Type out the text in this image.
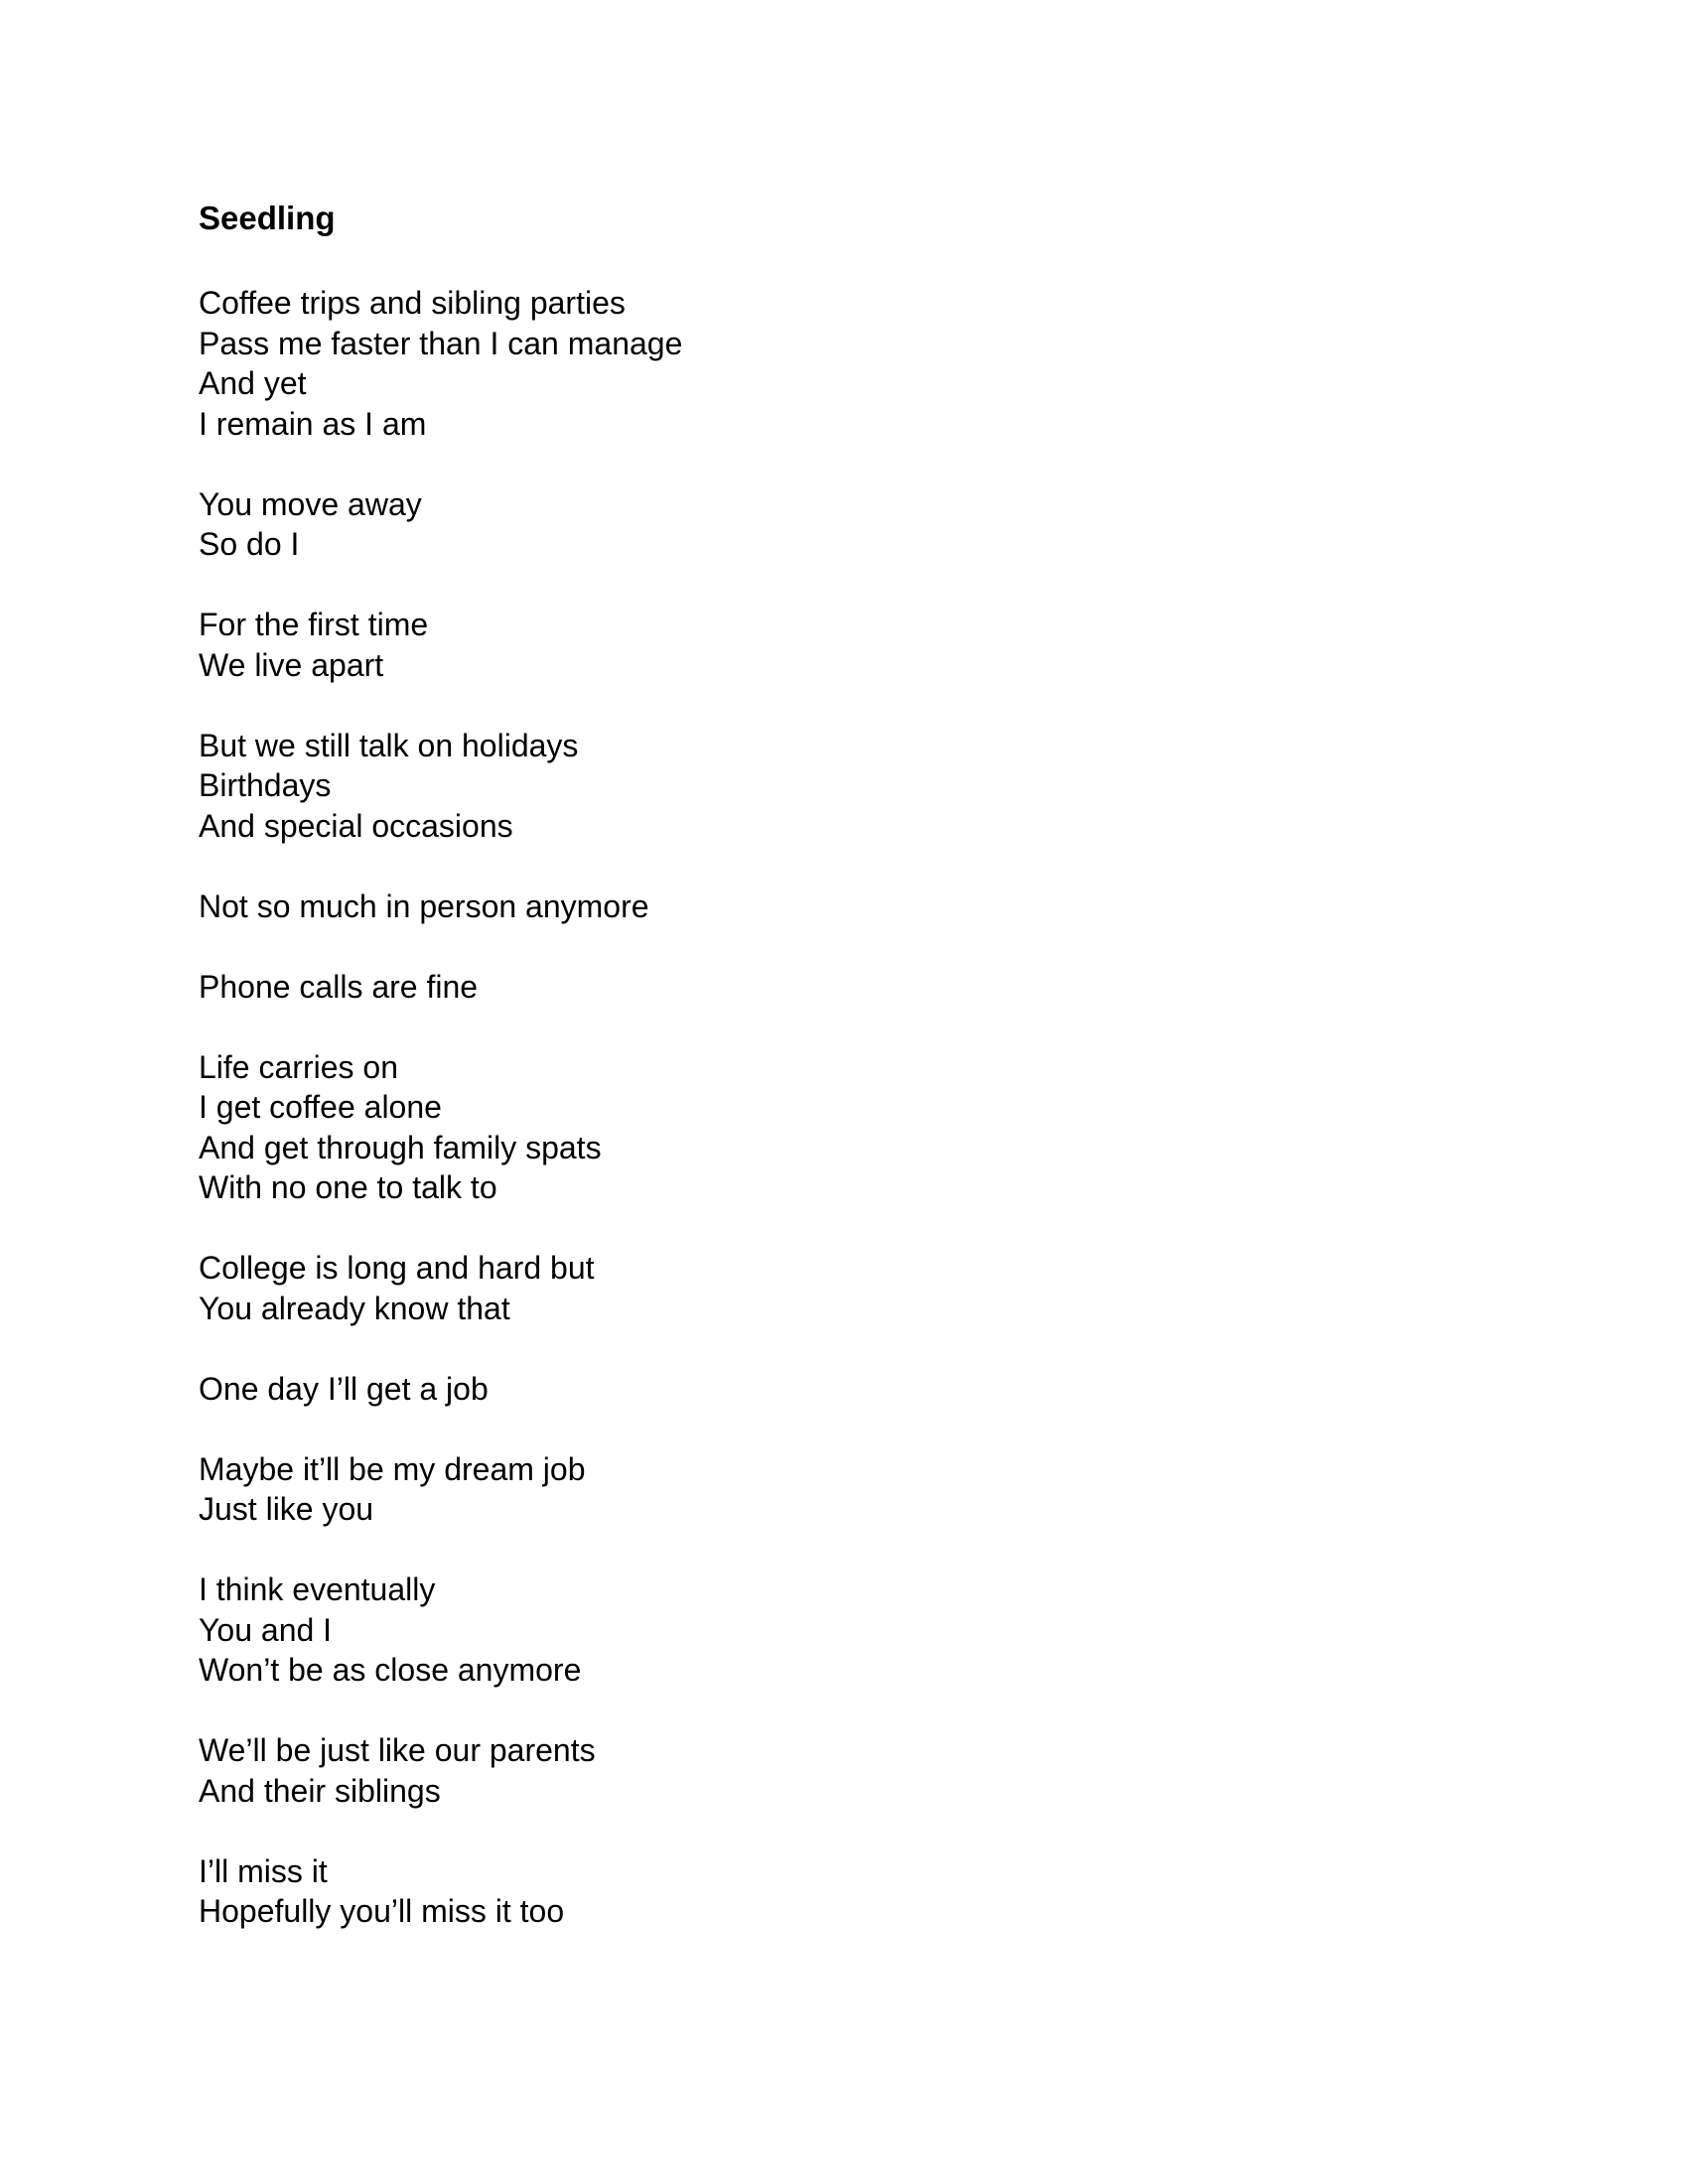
Seedling
Coffee trips and sibling parties
Pass me faster than I can manage
And yet
I remain as I am
You move away
So do I
For the first time
We live apart
But we still talk on holidays
Birthdays
And special occasions
Not so much in person anymore
Phone calls are fine
Life carries on
I get coffee alone
And get through family spats
With no one to talk to
College is long and hard but
You already know that
One day I’ll get a job
Maybe it’ll be my dream job
Just like you
I think eventually
You and I
Won’t be as close anymore
We’ll be just like our parents
And their siblings
I’ll miss it
Hopefully you’ll miss it too
